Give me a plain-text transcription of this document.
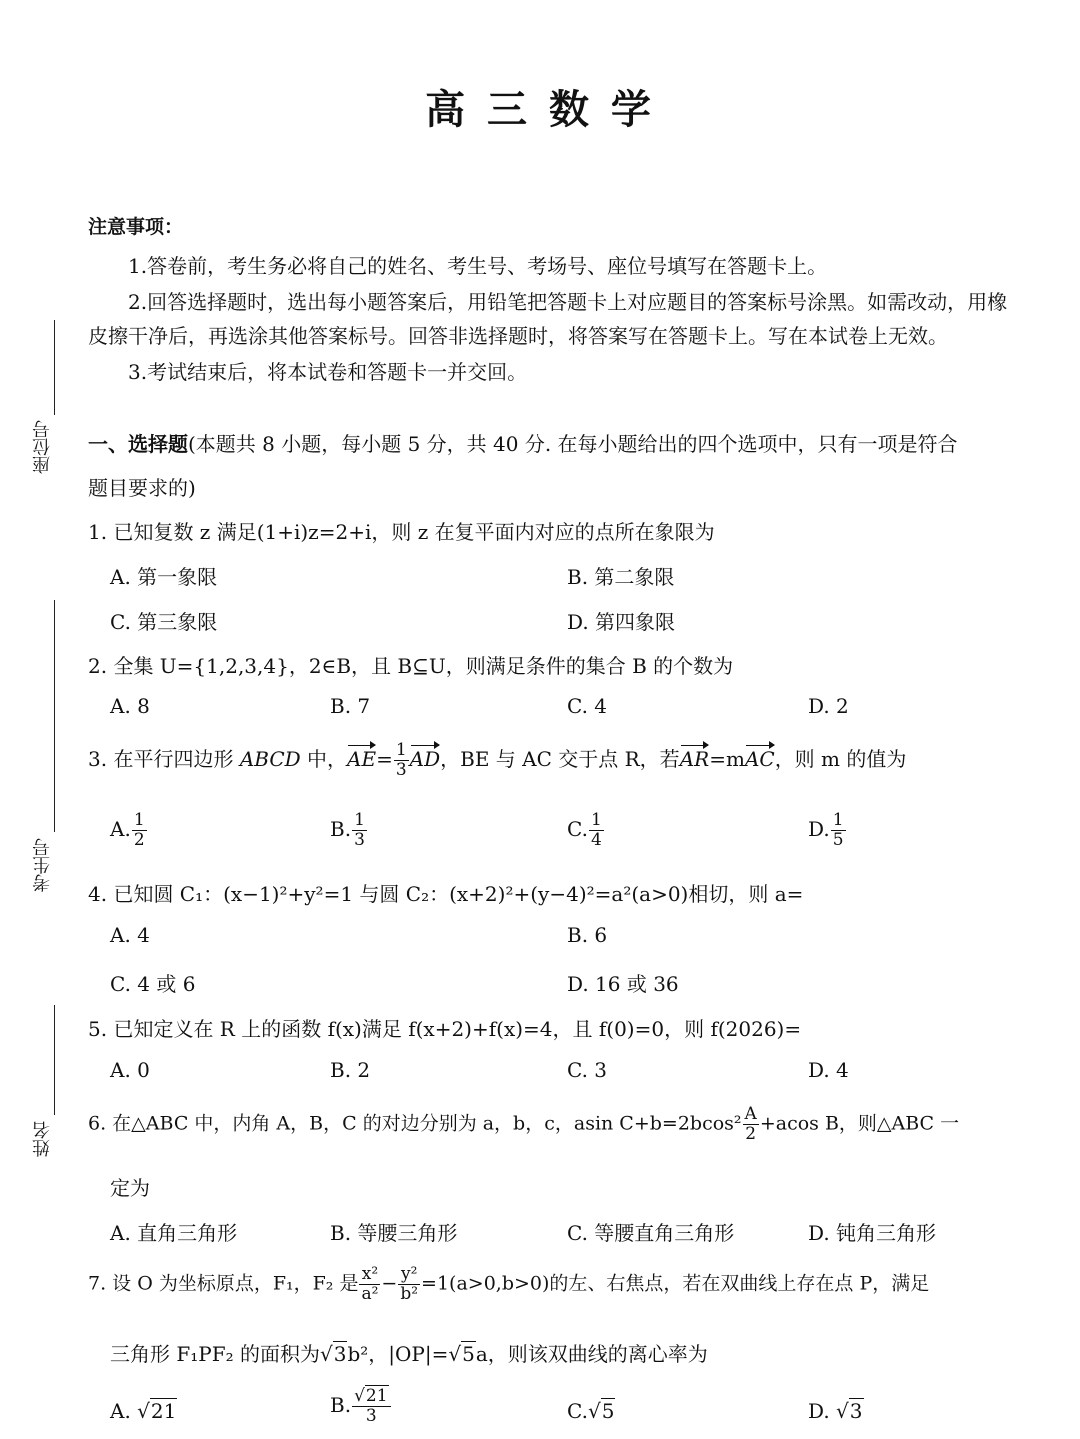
座位号
考生号
姓名
高 三 数 学
注意事项：
1.答卷前，考生务必将自己的姓名、考生号、考场号、座位号填写在答题卡上。
2.回答选择题时，选出每小题答案后，用铅笔把答题卡上对应题目的答案标号涂黑。如需改动，用橡
皮擦干净后，再选涂其他答案标号。回答非选择题时，将答案写在答题卡上。写在本试卷上无效。
3.考试结束后，将本试卷和答题卡一并交回。
一、选择题(本题共 8 小题，每小题 5 分，共 40 分. 在每小题给出的四个选项中，只有一项是符合
题目要求的)
1. 已知复数 z 满足(1+i)z=2+i，则 z 在复平面内对应的点所在象限为
A. 第一象限	B. 第二象限
C. 第三象限	D. 第四象限
2. 全集 U={1,2,3,4}，2∈B，且 B⊆U，则满足条件的集合 B 的个数为
A. 8	B. 7	C. 4	D. 2
3. 在平行四边形 ABCD 中，$AE= \frac{1}{3}$ AD，BE 与 AC 交于点 R，若AR=mAC，则 m 的值为
A. $\frac{1}{2}$	B. $\frac{1}{3}$	C. $\frac{1}{4}$	D. $\frac{1}{5}$
4. 已知圆 C₁：(x−1)²+y²=1 与圆 C₂：(x+2)²+(y−4)²=a²(a>0)相切，则 a=
A. 4	B. 6
C. 4 或 6	D. 16 或 36
5. 已知定义在 R 上的函数 f(x)满足 f(x+2)+f(x)=4，且 f(0)=0，则 f(2026)=
A. 0	B. 2	C. 3	D. 4
6. 在△ABC 中，内角 A，B，C 的对边分别为 a，b，c，asin $C+b=2bcos^2 \frac{A}{2} +acos$ B，则△ABC 一
定为
A. 直角三角形	B. 等腰三角形	C. 等腰直角三角形	D. 钝角三角形
7. 设 O 为坐标原点，F₁，F₂ 是 $\frac{\text{x²}}{\text{a²}} - \frac{\text{y²}}{\text{b²}} =1(a>0,b>0)$的左、右焦点，若在双曲线上存在点 P，满足
三角形 F₁PF₂ 的面积为√3b²，|OP|=√5a，则该双曲线的离心率为
A. √21	B. $\frac{√21}{3}$	C.√5	D. √3
